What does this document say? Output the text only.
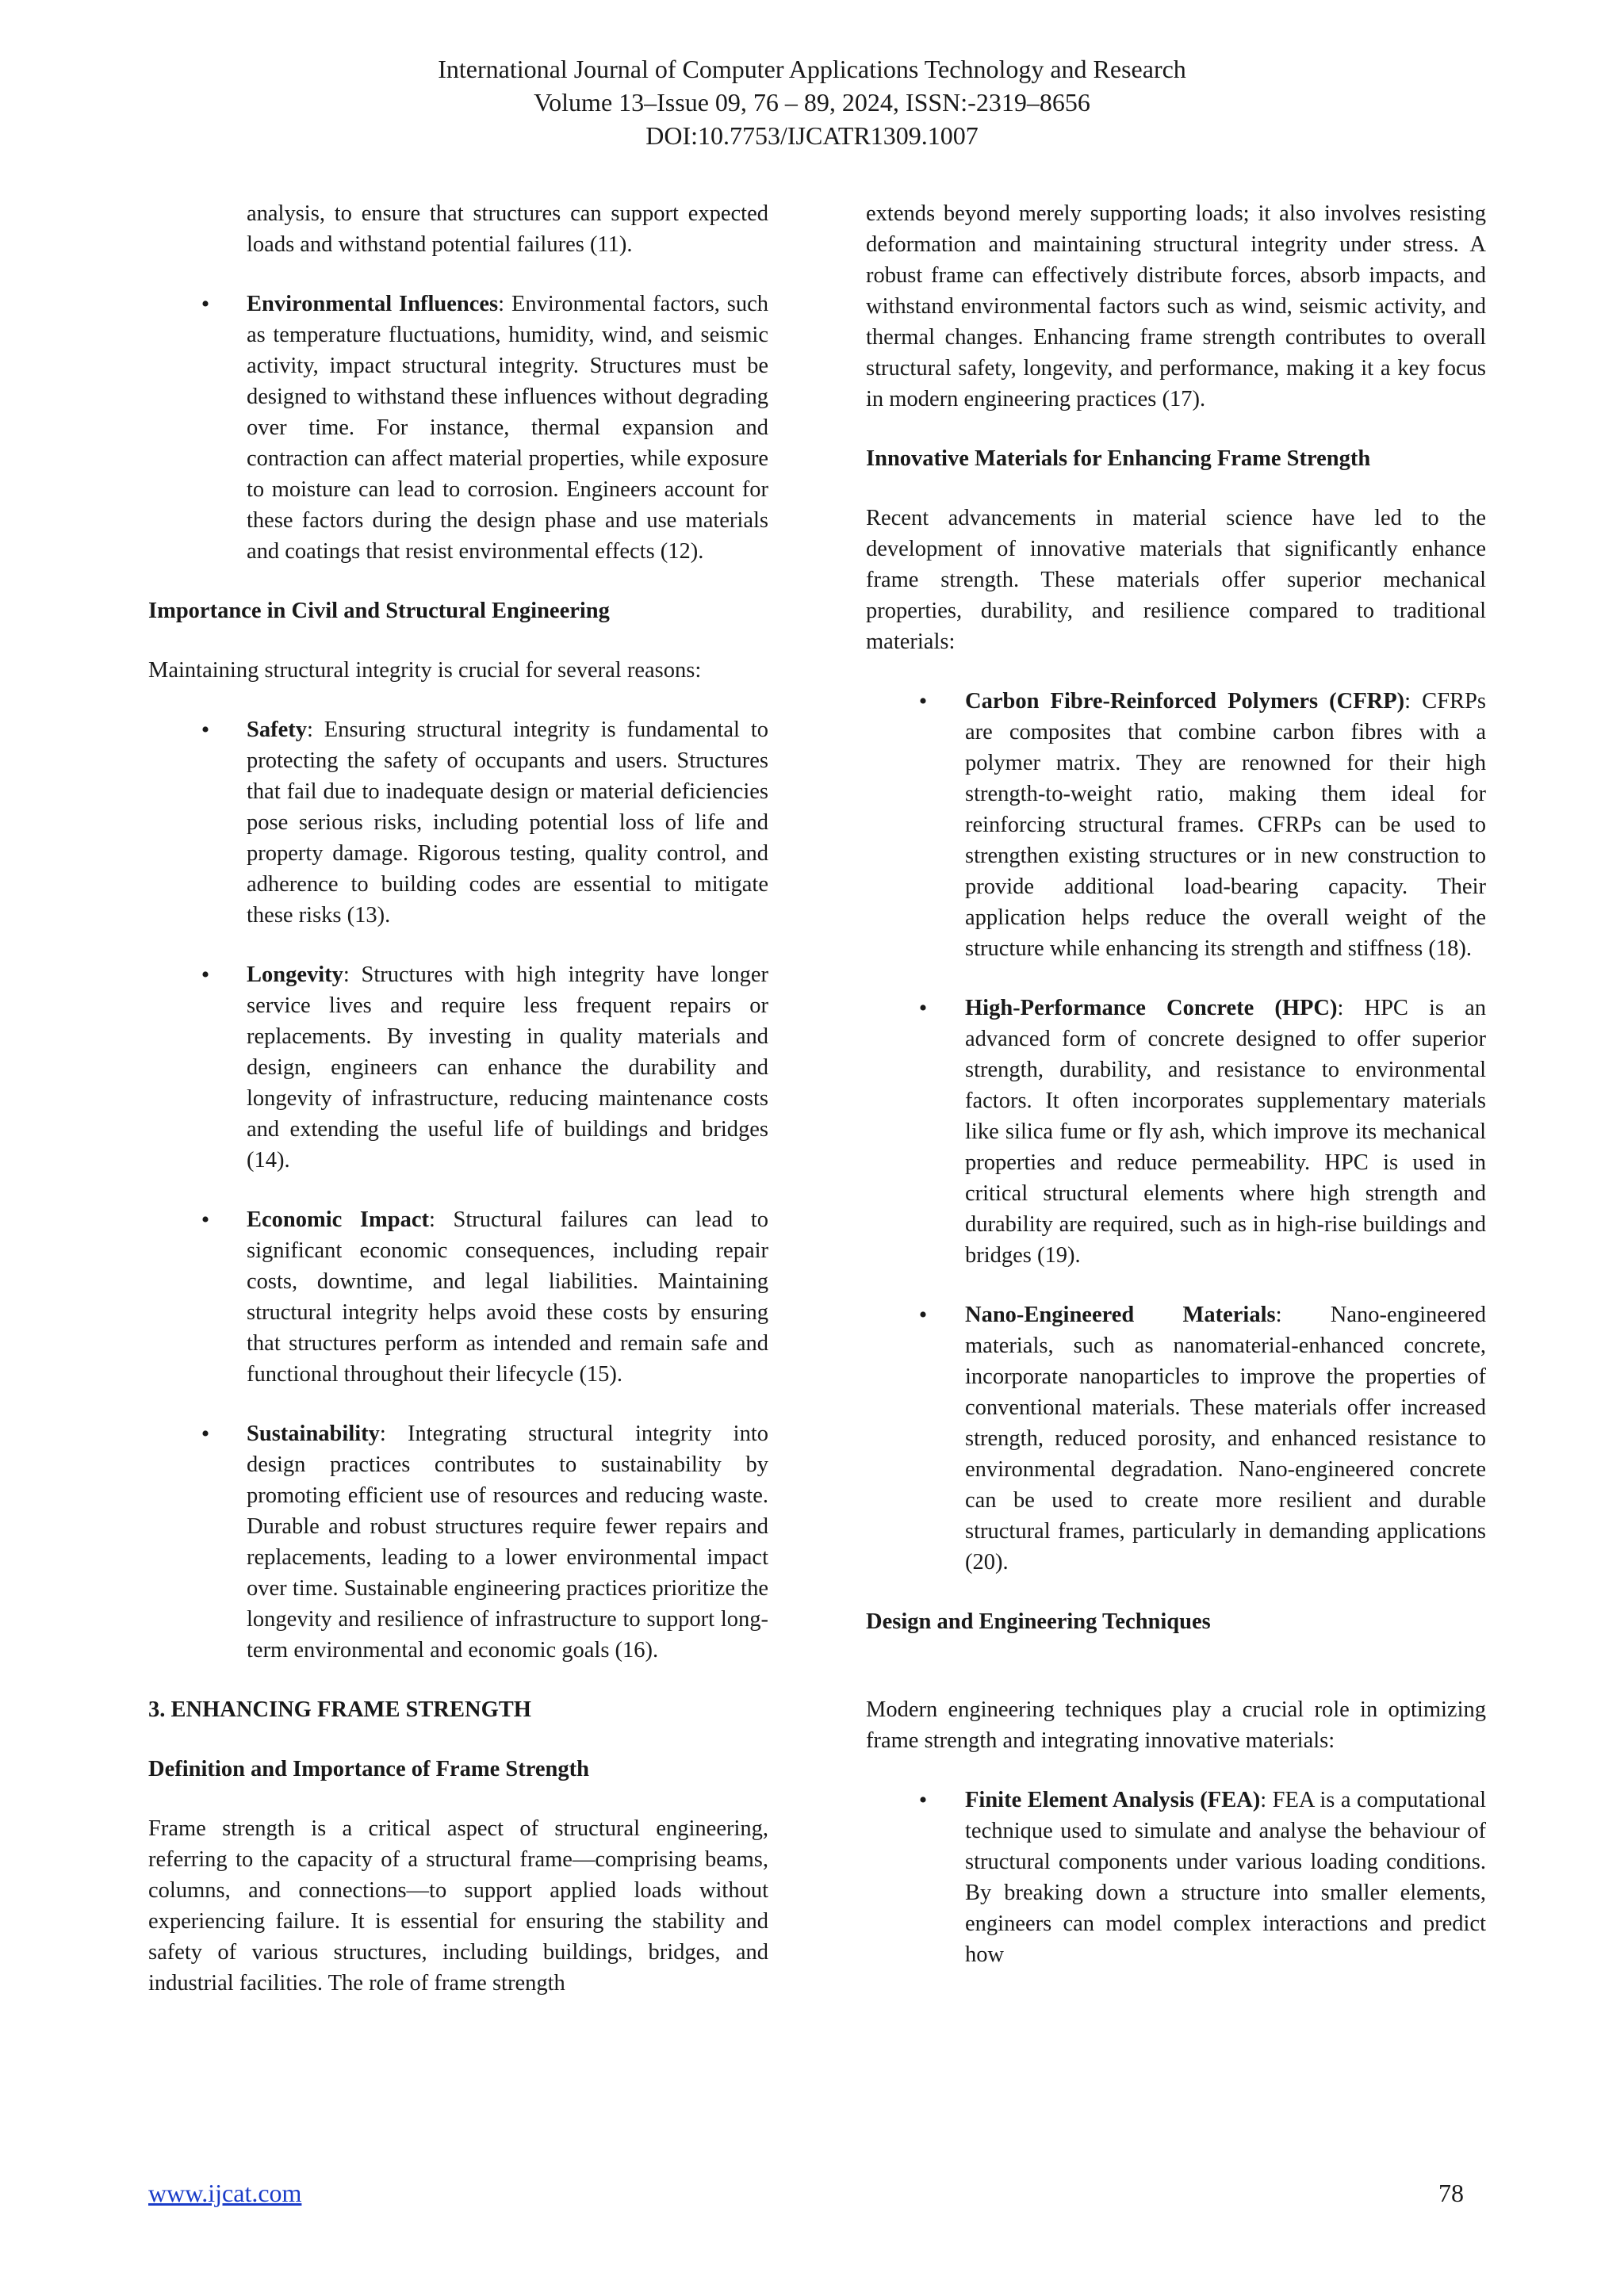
International Journal of Computer Applications Technology and Research
Volume 13–Issue 09, 76 – 89, 2024, ISSN:-2319–8656
DOI:10.7753/IJCATR1309.1007

analysis, to ensure that structures can support expected loads and withstand potential failures (11).

• Environmental Influences: Environmental factors, such as temperature fluctuations, humidity, wind, and seismic activity, impact structural integrity. Structures must be designed to withstand these influences without degrading over time. For instance, thermal expansion and contraction can affect material properties, while exposure to moisture can lead to corrosion. Engineers account for these factors during the design phase and use materials and coatings that resist environmental effects (12).
Importance in Civil and Structural Engineering

Maintaining structural integrity is crucial for several reasons:

• Safety: Ensuring structural integrity is fundamental to protecting the safety of occupants and users. Structures that fail due to inadequate design or material deficiencies pose serious risks, including potential loss of life and property damage. Rigorous testing, quality control, and adherence to building codes are essential to mitigate these risks (13).
• Longevity: Structures with high integrity have longer service lives and require less frequent repairs or replacements. By investing in quality materials and design, engineers can enhance the durability and longevity of infrastructure, reducing maintenance costs and extending the useful life of buildings and bridges (14).
• Economic Impact: Structural failures can lead to significant economic consequences, including repair costs, downtime, and legal liabilities. Maintaining structural integrity helps avoid these costs by ensuring that structures perform as intended and remain safe and functional throughout their lifecycle (15).
• Sustainability: Integrating structural integrity into design practices contributes to sustainability by promoting efficient use of resources and reducing waste. Durable and robust structures require fewer repairs and replacements, leading to a lower environmental impact over time. Sustainable engineering practices prioritize the longevity and resilience of infrastructure to support long-term environmental and economic goals (16).
3. ENHANCING FRAME STRENGTH
Definition and Importance of Frame Strength

Frame strength is a critical aspect of structural engineering, referring to the capacity of a structural frame—comprising beams, columns, and connections—to support applied loads without experiencing failure. It is essential for ensuring the stability and safety of various structures, including buildings, bridges, and industrial facilities. The role of frame strength

extends beyond merely supporting loads; it also involves resisting deformation and maintaining structural integrity under stress. A robust frame can effectively distribute forces, absorb impacts, and withstand environmental factors such as wind, seismic activity, and thermal changes. Enhancing frame strength contributes to overall structural safety, longevity, and performance, making it a key focus in modern engineering practices (17).

Innovative Materials for Enhancing Frame Strength

Recent advancements in material science have led to the development of innovative materials that significantly enhance frame strength. These materials offer superior mechanical properties, durability, and resilience compared to traditional materials:

• Carbon Fibre-Reinforced Polymers (CFRP): CFRPs are composites that combine carbon fibres with a polymer matrix. They are renowned for their high strength-to-weight ratio, making them ideal for reinforcing structural frames. CFRPs can be used to strengthen existing structures or in new construction to provide additional load-bearing capacity. Their application helps reduce the overall weight of the structure while enhancing its strength and stiffness (18).
• High-Performance Concrete (HPC): HPC is an advanced form of concrete designed to offer superior strength, durability, and resistance to environmental factors. It often incorporates supplementary materials like silica fume or fly ash, which improve its mechanical properties and reduce permeability. HPC is used in critical structural elements where high strength and durability are required, such as in high-rise buildings and bridges (19).
• Nano-Engineered Materials: Nano-engineered materials, such as nanomaterial-enhanced concrete, incorporate nanoparticles to improve the properties of conventional materials. These materials offer increased strength, reduced porosity, and enhanced resistance to environmental degradation. Nano-engineered concrete can be used to create more resilient and durable structural frames, particularly in demanding applications (20).
Design and Engineering Techniques

Modern engineering techniques play a crucial role in optimizing frame strength and integrating innovative materials:

• Finite Element Analysis (FEA): FEA is a computational technique used to simulate and analyse the behaviour of structural components under various loading conditions. By breaking down a structure into smaller elements, engineers can model complex interactions and predict how
www.ijcat.com	78
